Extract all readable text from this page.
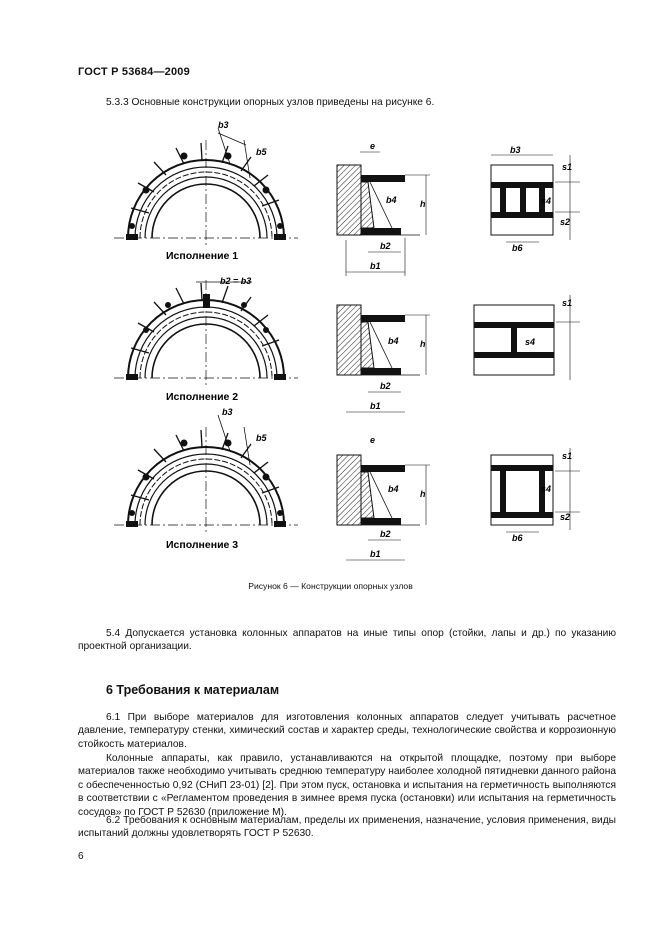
ГОСТ Р 53684—2009
5.3.3 Основные конструкции опорных узлов приведены на рисунке 6.
b3
b5
Исполнение 1
e
b4	h
b2
b1
b3
s1
s4
s2
b6
b2 = b3
Исполнение 2
b4 h
b2
b1
s1
s4
b3
b5
Исполнение 3
e
b4 h
b2
b1
s1
s4
s2
b6
Рисунок 6 — Конструкции опорных узлов
5.4 Допускается установка колонных аппаратов на иные типы опор (стойки, лапы и др.) по указанию проектной организации.
6 Требования к материалам
6.1 При выборе материалов для изготовления колонных аппаратов следует учитывать расчетное давление, температуру стенки, химический состав и характер среды, технологические свойства и коррозионную стойкость материалов.
Колонные аппараты, как правило, устанавливаются на открытой площадке, поэтому при выборе материалов также необходимо учитывать среднюю температуру наиболее холодной пятидневки данного района с обеспеченностью 0,92 (СНиП 23-01) [2]. При этом пуск, остановка и испытания на герметичность выполняются в соответствии с «Регламентом проведения в зимнее время пуска (остановки) или испытания на герметичность сосудов» по ГОСТ Р 52630 (приложение М).
6.2 Требования к основным материалам, пределы их применения, назначение, условия применения, виды испытаний должны удовлетворять ГОСТ Р 52630.
6
